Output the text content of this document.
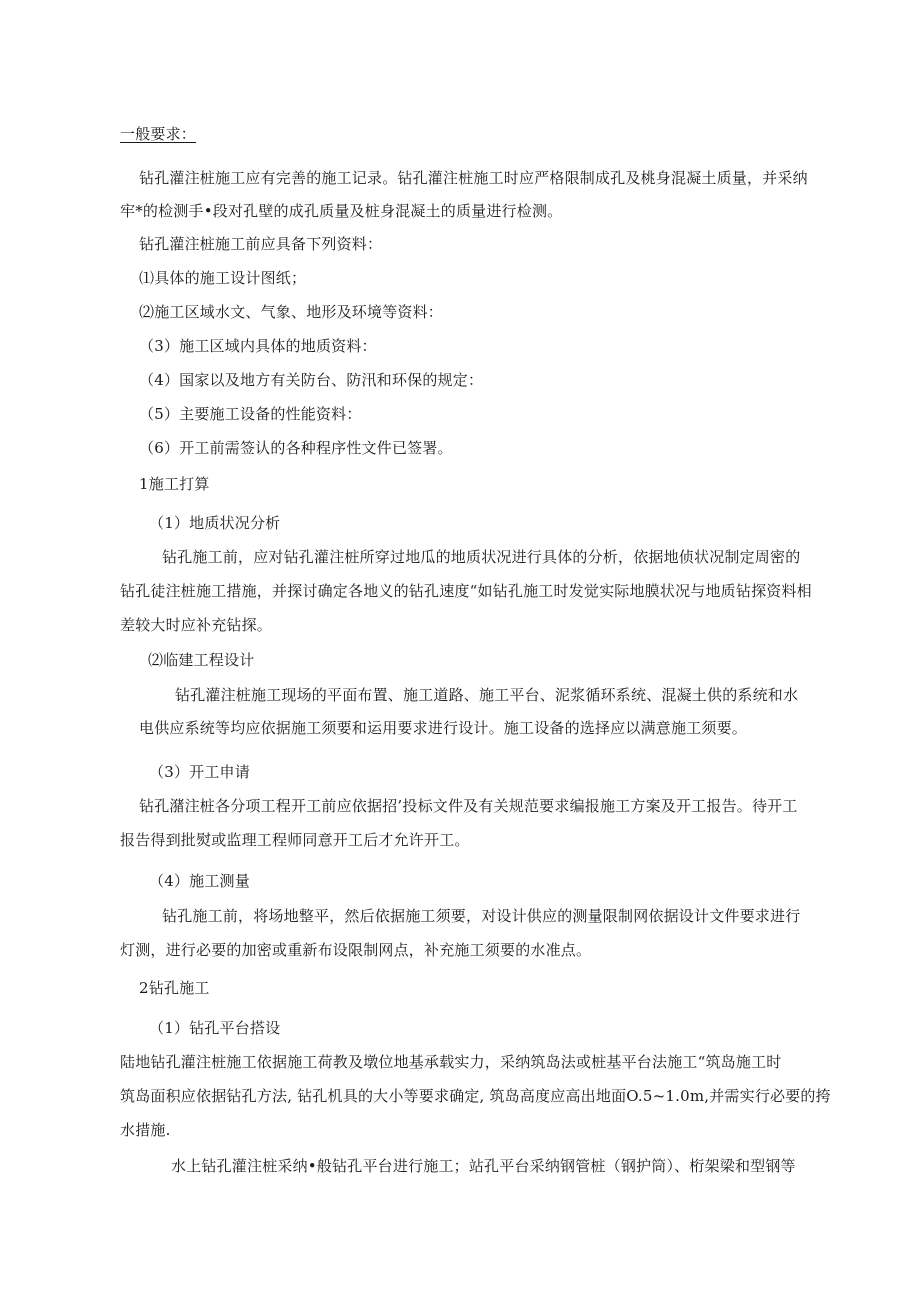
一般要求：
钻孔灌注桩施工应有完善的施工记录。钻孔灌注桩施工时应严格限制成孔及桃身混凝土质量，并采纳
牢*的检测手•段对孔壁的成孔质量及桩身混凝土的质量进行检测。
钻孔灌注桩施工前应具备下列资料：
⑴具体的施工设计图纸；
⑵施工区域水文、气象、地形及环境等资料：
（3）施工区域内具体的地质资料：
（4）国家以及地方有关防台、防汛和环保的规定：
（5）主要施工设备的性能资料：
（6）开工前需签认的各种程序性文件已签署。
1施工打算
（1）地质状况分析
钻孔施工前，应对钻孔灌注桩所穿过地瓜的地质状况进行具体的分析，依据地侦状况制定周密的
钻孔徒注桩施工措施，并探讨确定各地义的钻孔速度“如钻孔施工时发觉实际地膜状况与地质钻探资料相
差较大时应补充钻探。
⑵临建工程设计
钻孔灌注桩施工现场的平面布置、施工道路、施工平台、泥浆循环系统、混凝土供的系统和水
电供应系统等均应依据施工须要和运用要求进行设计。施工设备的选择应以满意施工须要。
（3）开工申请
钻孔潴注桩各分项工程开工前应依据招’投标文件及有关规范要求编报施工方案及开工报告。待开工
报告得到批熨或监理工程师同意开工后才允许开工。
（4）施工测量
钻孔施工前，将场地整平，然后依据施工须要，对设计供应的测量限制网依据设计文件要求进行
灯测，进行必要的加密或重新布设限制网点，补充施工须要的水准点。
2钻孔施工
（1）钻孔平台搭设
陆地钻孔灌注桩施工依据施工荷教及墩位地基承载实力，采纳筑岛法或桩基平台法施工“筑岛施工时
筑岛面积应依据钻孔方法, 钻孔机具的大小等要求确定, 筑岛高度应高出地面O.5~1.0m,并需实行必要的挎
水措施.
水上钻孔灌注桩采纳•般钻孔平台进行施工；站孔平台采纳钢管桩（钢护筒）、桁架梁和型钢等
